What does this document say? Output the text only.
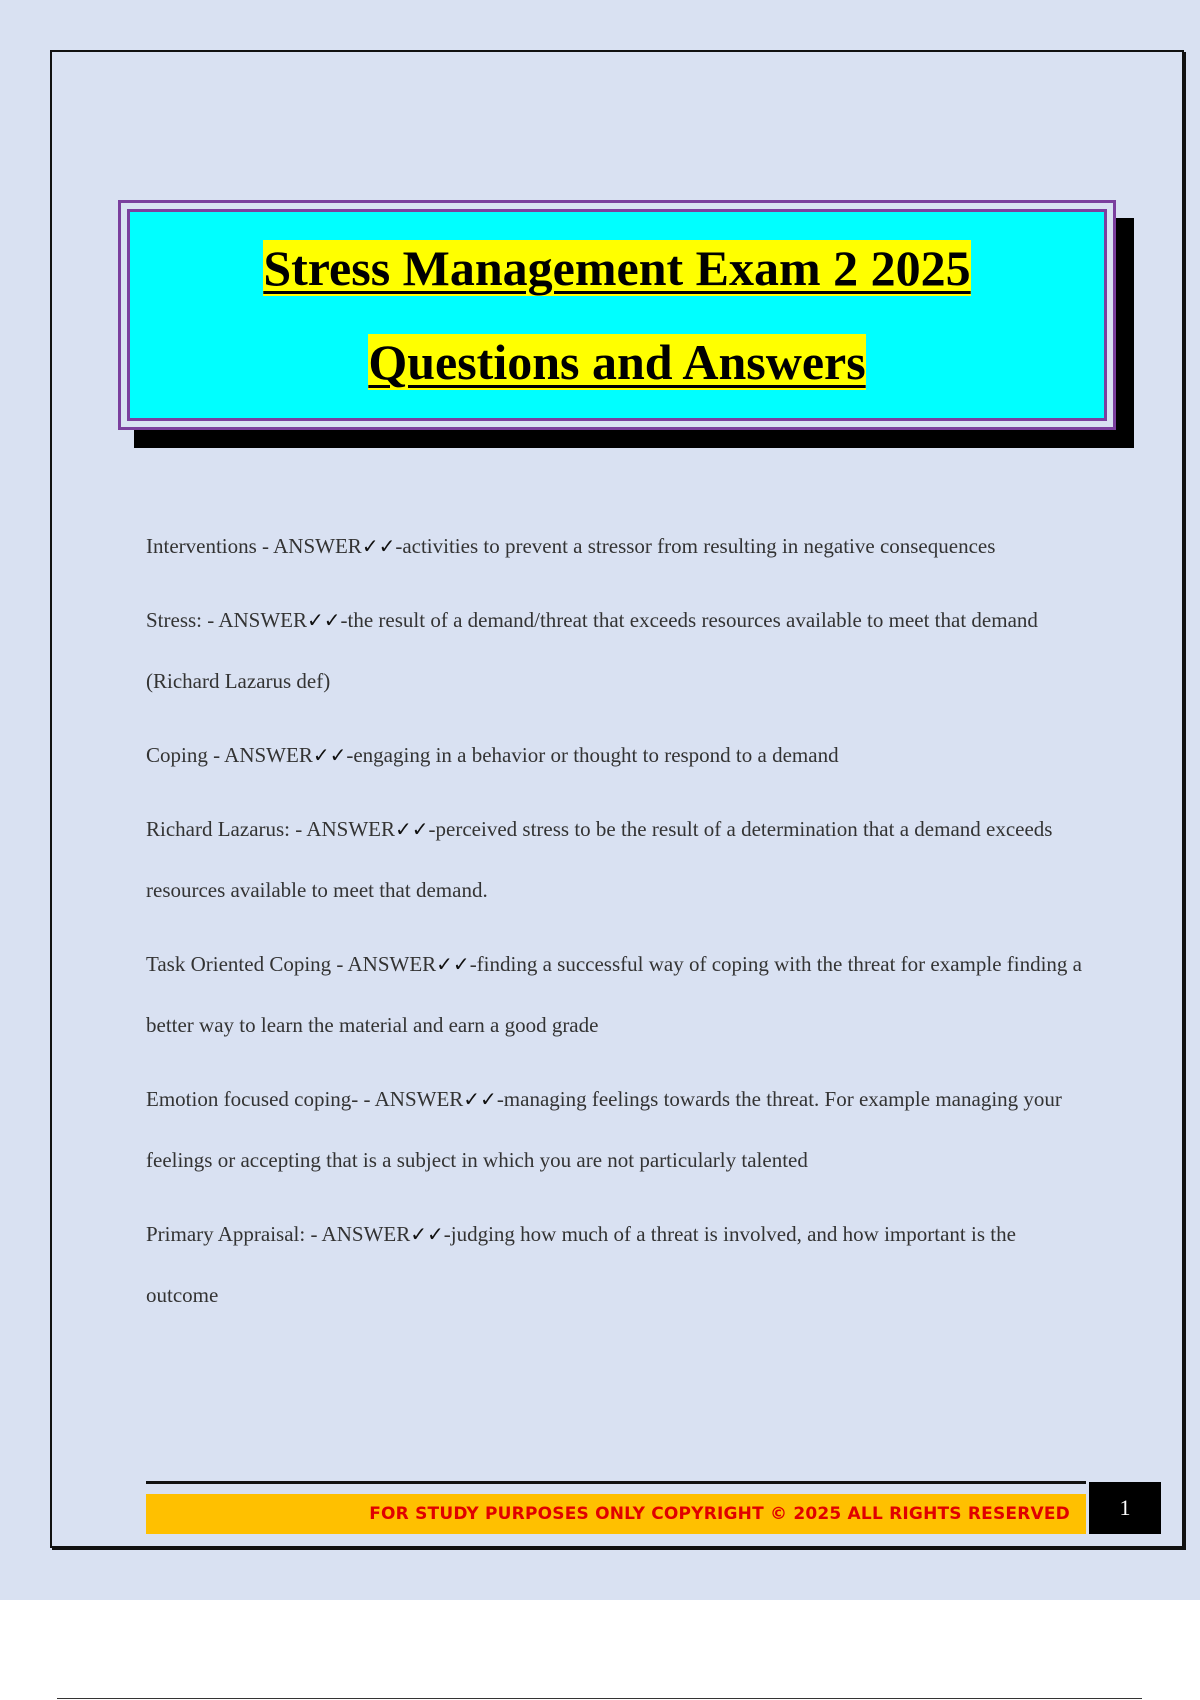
Stress Management Exam 2 2025
Questions and Answers

Interventions - ANSWER✓✓-activities to prevent a stressor from resulting in negative consequences

Stress: - ANSWER✓✓-the result of a demand/threat that exceeds resources available to meet that demand (Richard Lazarus def)

Coping - ANSWER✓✓-engaging in a behavior or thought to respond to a demand

Richard Lazarus: - ANSWER✓✓-perceived stress to be the result of a determination that a demand exceeds resources available to meet that demand.

Task Oriented Coping - ANSWER✓✓-finding a successful way of coping with the threat for example finding a better way to learn the material and earn a good grade

Emotion focused coping- - ANSWER✓✓-managing feelings towards the threat. For example managing your feelings or accepting that is a subject in which you are not particularly talented

Primary Appraisal: - ANSWER✓✓-judging how much of a threat is involved, and how important is the outcome

FOR STUDY PURPOSES ONLY COPYRIGHT © 2025 ALL RIGHTS RESERVED 1
